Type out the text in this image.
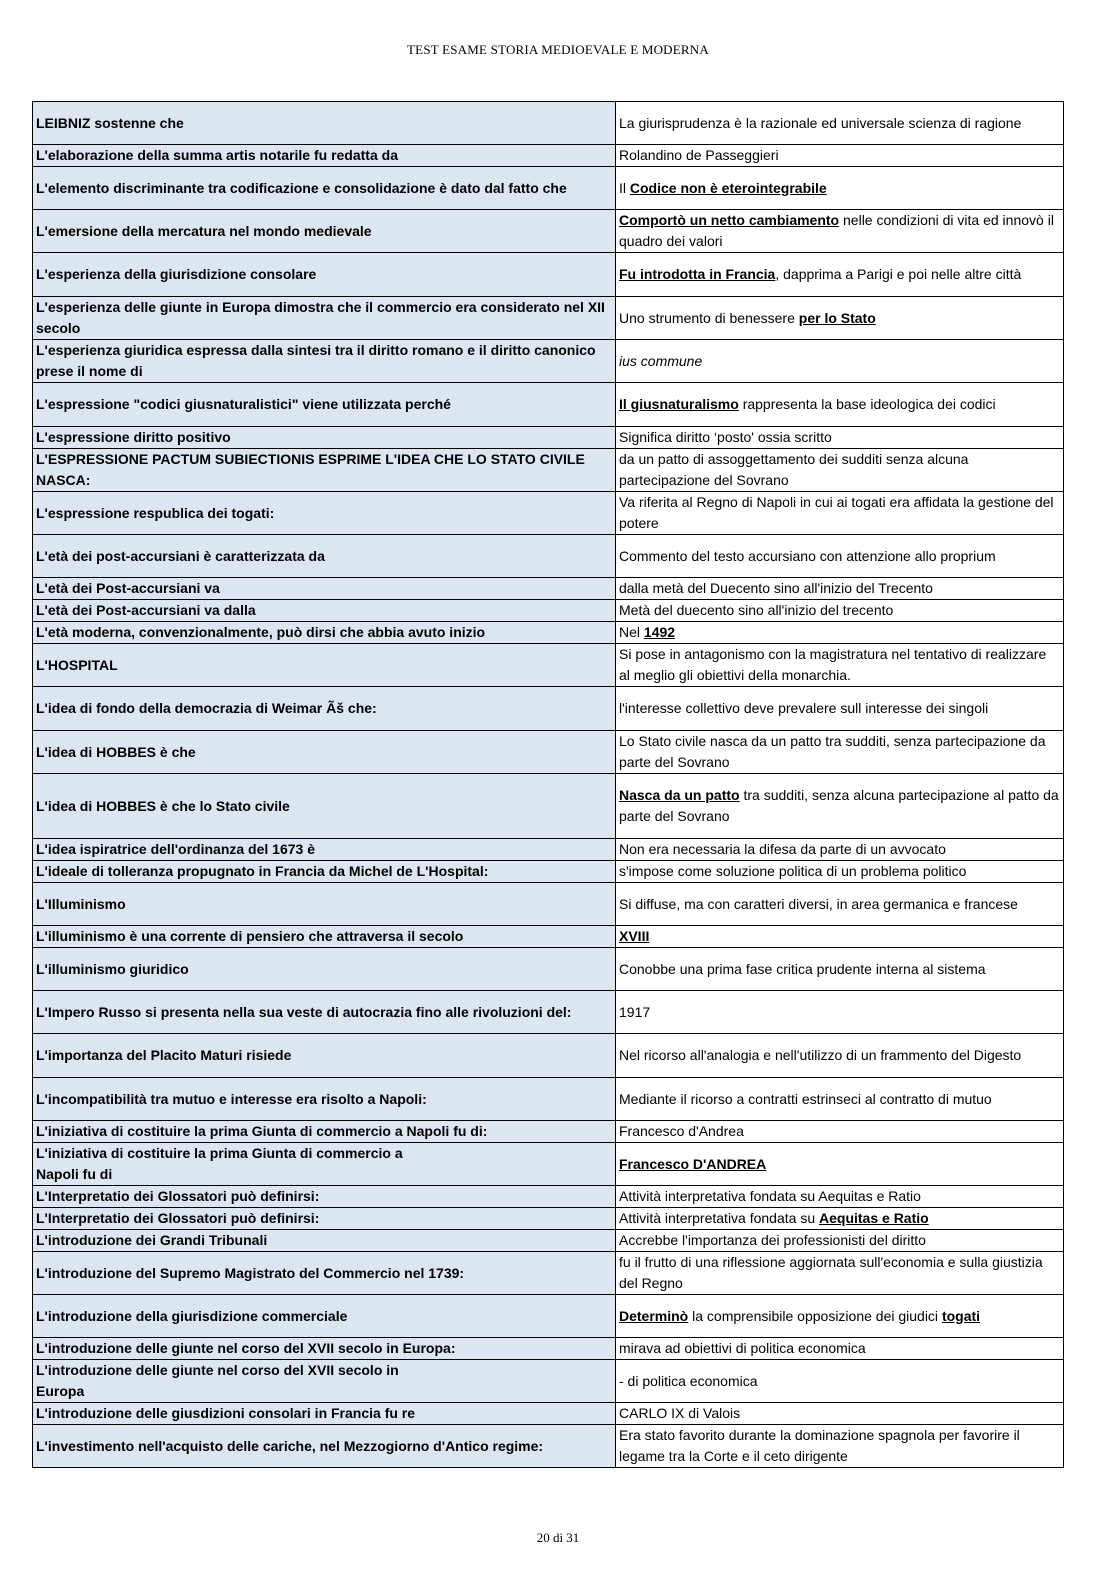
TEST ESAME STORIA MEDIOEVALE E MODERNA
LEIBNIZ sostenne che	La giurisprudenza è la razionale ed universale scienza di ragione
L'elaborazione della summa artis notarile fu redatta da	Rolandino de Passeggieri
L'elemento discriminante tra codificazione e consolidazione è dato dal fatto che	Il Codice non è eterointegrabile
L'emersione della mercatura nel mondo medievale	Comportò un netto cambiamento nelle condizioni di vita ed innovò il quadro dei valori
L'esperienza della giurisdizione consolare	Fu introdotta in Francia, dapprima a Parigi e poi nelle altre città
L'esperienza delle giunte in Europa dimostra che il commercio era considerato nel XII secolo	Uno strumento di benessere per lo Stato
L'esperienza giuridica espressa dalla sintesi tra il diritto romano e il diritto canonico prese il nome di	ius commune
L'espressione "codici giusnaturalistici" viene utilizzata perché	Il giusnaturalismo rappresenta la base ideologica dei codici
L'espressione diritto positivo	Significa diritto ‘posto' ossia scritto
L'ESPRESSIONE PACTUM SUBIECTIONIS ESPRIME L'IDEA CHE LO STATO CIVILE NASCA:	da un patto di assoggettamento dei sudditi senza alcuna partecipazione del Sovrano
L'espressione respublica dei togati:	Va riferita al Regno di Napoli in cui ai togati era affidata la gestione del potere
L'età dei post-accursiani è caratterizzata da	Commento del testo accursiano con attenzione allo proprium
L'età dei Post-accursiani va	dalla metà del Duecento sino all'inizio del Trecento
L'età dei Post-accursiani va dalla	Metà del duecento sino all'inizio del trecento
L'età moderna, convenzionalmente, può dirsi che abbia avuto inizio	Nel 1492
L'HOSPITAL	Si pose in antagonismo con la magistratura nel tentativo di realizzare al meglio gli obiettivi della monarchia.
L'idea di fondo della democrazia di Weimar Ãš che:	l'interesse collettivo deve prevalere sull interesse dei singoli
L'idea di HOBBES è che	Lo Stato civile nasca da un patto tra sudditi, senza partecipazione da parte del Sovrano
L'idea di HOBBES è che lo Stato civile	Nasca da un patto tra sudditi, senza alcuna partecipazione al patto da parte del Sovrano
L'idea ispiratrice dell'ordinanza del 1673 è	Non era necessaria la difesa da parte di un avvocato
L'ideale di tolleranza propugnato in Francia da Michel de L'Hospital:	s'impose come soluzione politica di un problema politico
L'Illuminismo	Si diffuse, ma con caratteri diversi, in area germanica e francese
L'illuminismo è una corrente di pensiero che attraversa il secolo	XVIII
L'illuminismo giuridico	Conobbe una prima fase critica prudente interna al sistema
L'Impero Russo si presenta nella sua veste di autocrazia fino alle rivoluzioni del:	1917
L'importanza del Placito Maturi risiede	Nel ricorso all'analogia e nell'utilizzo di un frammento del Digesto
L'incompatibilità tra mutuo e interesse era risolto a Napoli:	Mediante il ricorso a contratti estrinseci al contratto di mutuo
L'iniziativa di costituire la prima Giunta di commercio a Napoli fu di:	Francesco d'Andrea
L'iniziativa di costituire la prima Giunta di commercio a
Napoli fu di	Francesco D'ANDREA
L'Interpretatio dei Glossatori può definirsi:	Attività interpretativa fondata su Aequitas e Ratio
L'Interpretatio dei Glossatori può definirsi:	Attività interpretativa fondata su Aequitas e Ratio
L'introduzione dei Grandi Tribunali	Accrebbe l'importanza dei professionisti del diritto
L'introduzione del Supremo Magistrato del Commercio nel 1739:	fu il frutto di una riflessione aggiornata sull'economia e sulla giustizia del Regno
L'introduzione della giurisdizione commerciale	Determinò la comprensibile opposizione dei giudici togati
L'introduzione delle giunte nel corso del XVII secolo in Europa:	mirava ad obiettivi di politica economica
L'introduzione delle giunte nel corso del XVII secolo in
Europa	- di politica economica
L'introduzione delle giusdizioni consolari in Francia fu re	CARLO IX di Valois
L'investimento nell'acquisto delle cariche, nel Mezzogiorno d'Antico regime:	Era stato favorito durante la dominazione spagnola per favorire il legame tra la Corte e il ceto dirigente
20 di 31
